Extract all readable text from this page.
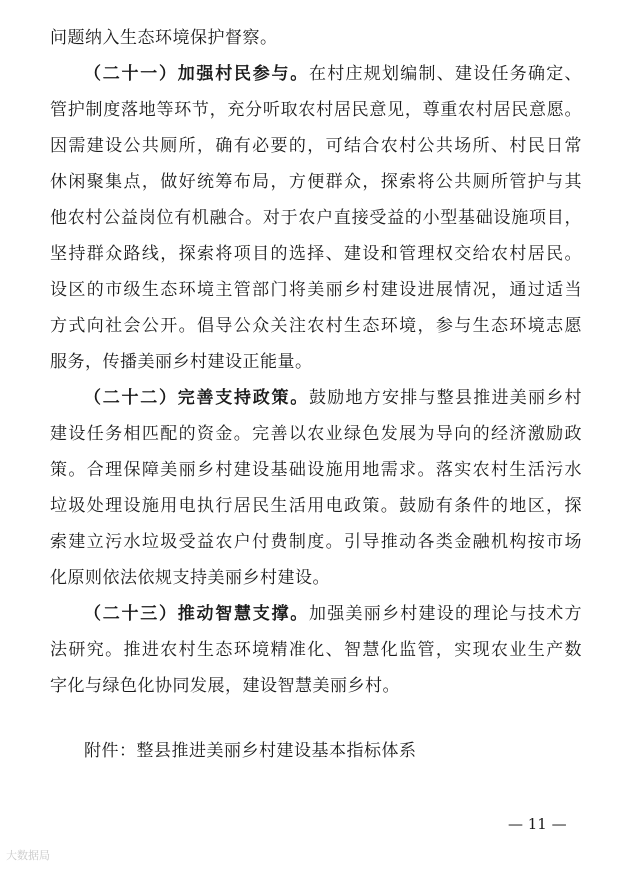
问题纳入生态环境保护督察。
（二十一）加强村民参与。在村庄规划编制、建设任务确定、
管护制度落地等环节，充分听取农村居民意见，尊重农村居民意愿。
因需建设公共厕所，确有必要的，可结合农村公共场所、村民日常
休闲聚集点，做好统筹布局，方便群众，探索将公共厕所管护与其
他农村公益岗位有机融合。对于农户直接受益的小型基础设施项目，
坚持群众路线，探索将项目的选择、建设和管理权交给农村居民。
设区的市级生态环境主管部门将美丽乡村建设进展情况，通过适当
方式向社会公开。倡导公众关注农村生态环境，参与生态环境志愿
服务，传播美丽乡村建设正能量。
（二十二）完善支持政策。鼓励地方安排与整县推进美丽乡村
建设任务相匹配的资金。完善以农业绿色发展为导向的经济激励政
策。合理保障美丽乡村建设基础设施用地需求。落实农村生活污水
垃圾处理设施用电执行居民生活用电政策。鼓励有条件的地区，探
索建立污水垃圾受益农户付费制度。引导推动各类金融机构按市场
化原则依法依规支持美丽乡村建设。
（二十三）推动智慧支撑。加强美丽乡村建设的理论与技术方
法研究。推进农村生态环境精准化、智慧化监管，实现农业生产数
字化与绿色化协同发展，建设智慧美丽乡村。
附件：整县推进美丽乡村建设基本指标体系
— 11 —
大数据局
